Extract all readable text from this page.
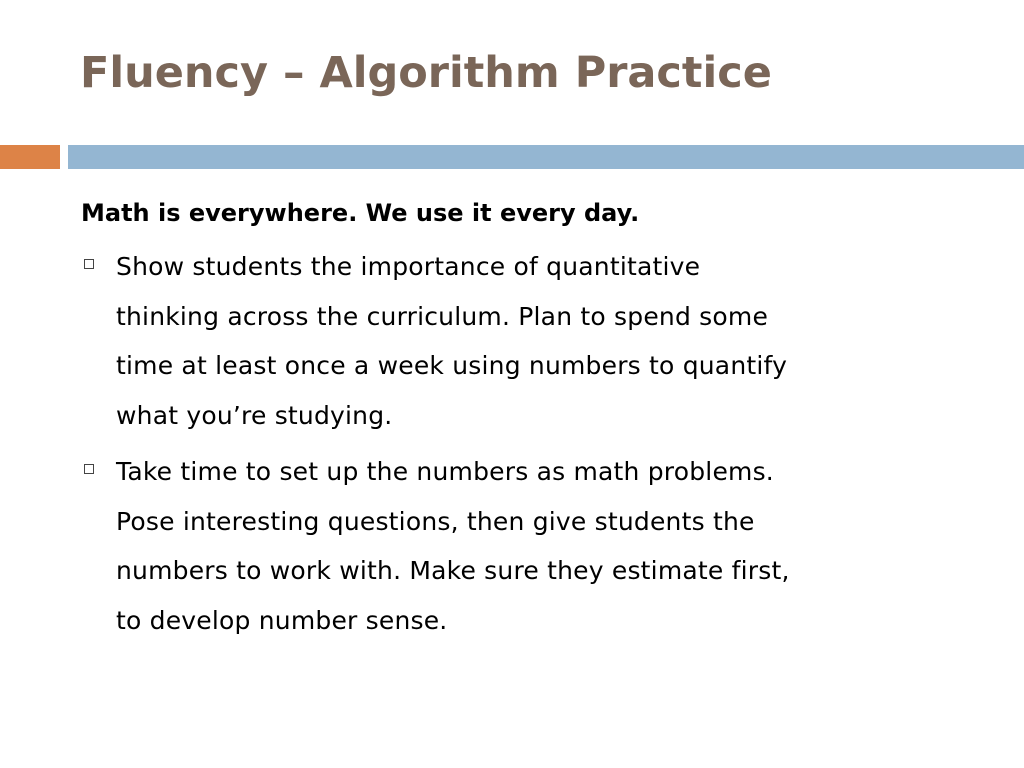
Fluency – Algorithm Practice

Math is everywhere. We use it every day.

Show students the importance of quantitative
thinking across the curriculum. Plan to spend some
time at least once a week using numbers to quantify
what you’re studying.
Take time to set up the numbers as math problems.
Pose interesting questions, then give students the
numbers to work with. Make sure they estimate first,
to develop number sense.
